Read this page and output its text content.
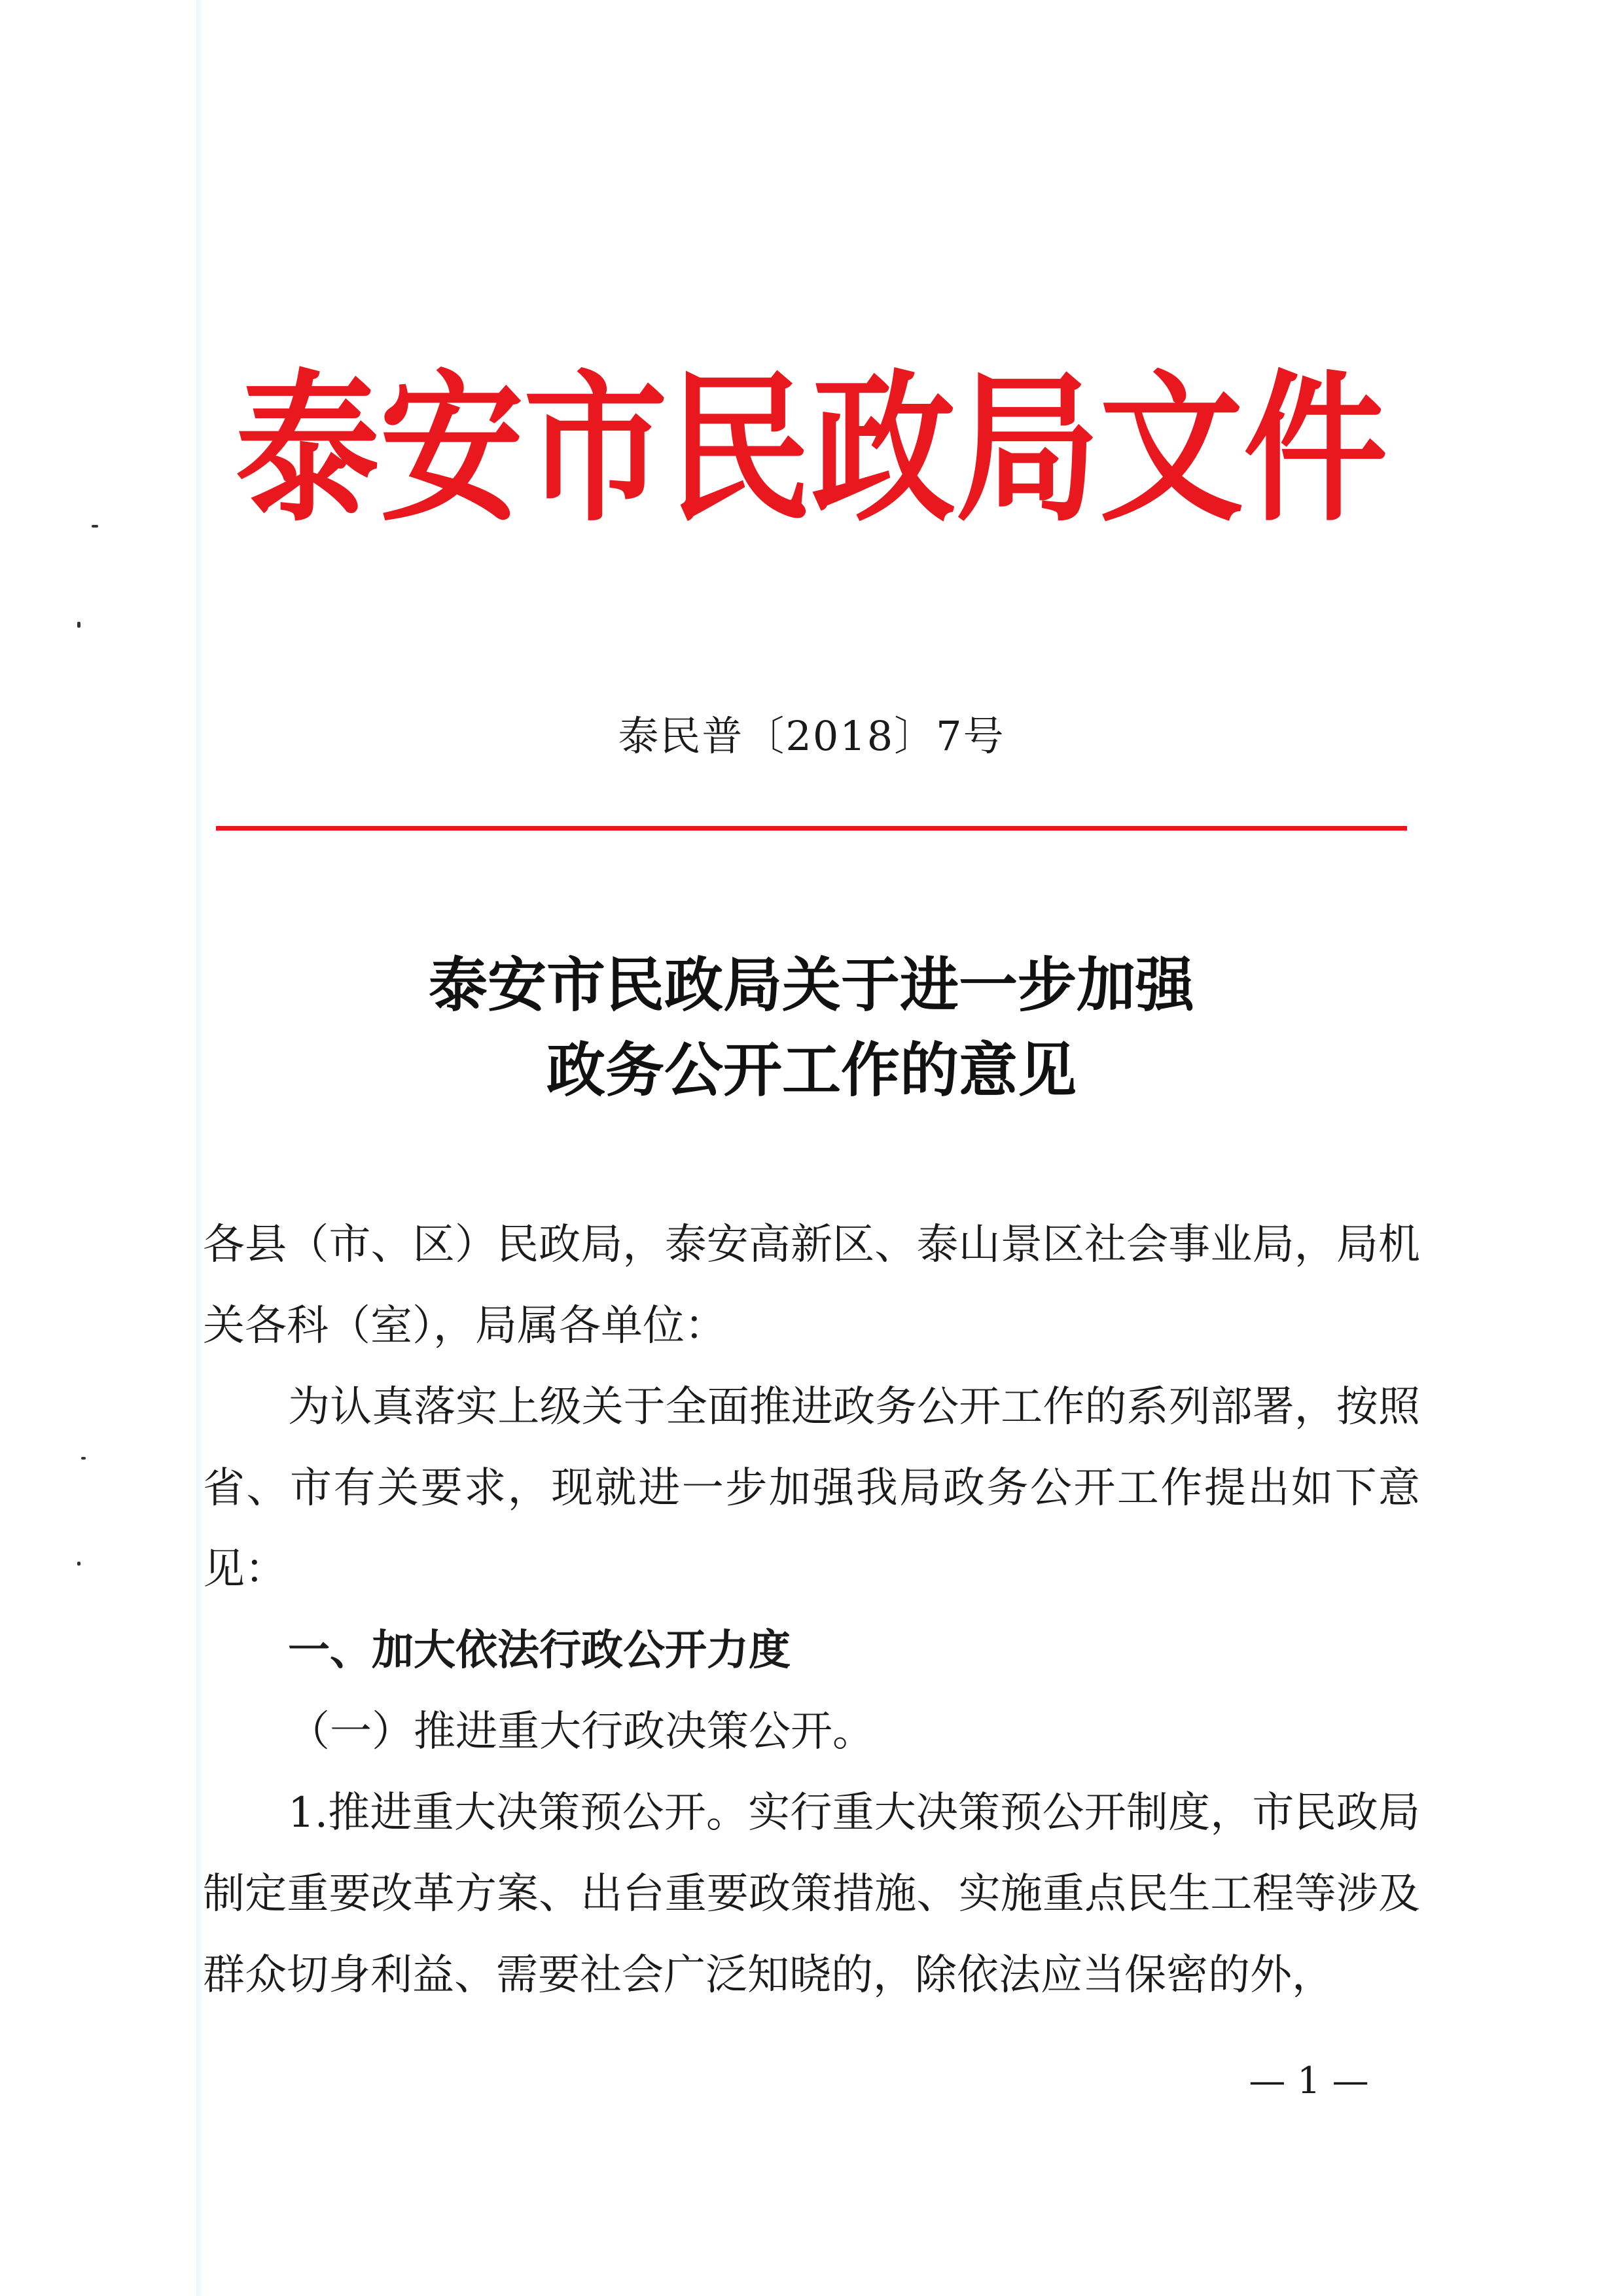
泰安市民政局文件
泰民普〔2018〕7号
泰安市民政局关于进一步加强
政务公开工作的意见

各县（市、区）民政局，泰安高新区、泰山景区社会事业局，局机关各科（室），局属各单位：

为认真落实上级关于全面推进政务公开工作的系列部署，按照省、市有关要求，现就进一步加强我局政务公开工作提出如下意见：

一、加大依法行政公开力度

（一）推进重大行政决策公开。

1.推进重大决策预公开。实行重大决策预公开制度，市民政局制定重要改革方案、出台重要政策措施、实施重点民生工程等涉及群众切身利益、需要社会广泛知晓的，除依法应当保密的外，

— 1 —
